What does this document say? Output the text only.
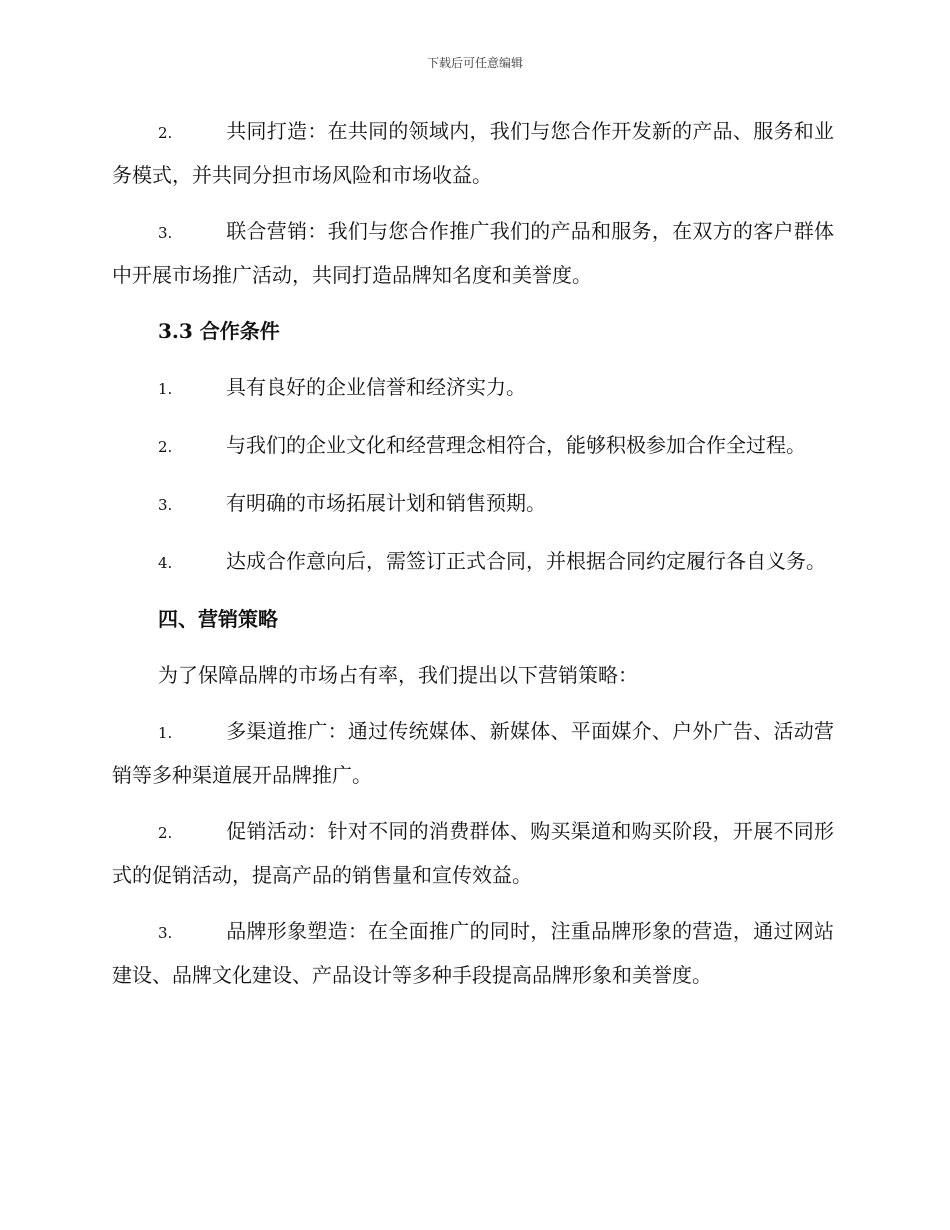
下载后可任意编辑
2.	共同打造：在共同的领域内，我们与您合作开发新的产品、服务和业务模式，并共同分担市场风险和市场收益。
3.	联合营销：我们与您合作推广我们的产品和服务，在双方的客户群体中开展市场推广活动，共同打造品牌知名度和美誉度。
3.3 合作条件
1.	具有良好的企业信誉和经济实力。
2.	与我们的企业文化和经营理念相符合，能够积极参加合作全过程。
3.	有明确的市场拓展计划和销售预期。
4.	达成合作意向后，需签订正式合同，并根据合同约定履行各自义务。
四、营销策略
为了保障品牌的市场占有率，我们提出以下营销策略：
1.	多渠道推广：通过传统媒体、新媒体、平面媒介、户外广告、活动营销等多种渠道展开品牌推广。
2.	促销活动：针对不同的消费群体、购买渠道和购买阶段，开展不同形式的促销活动，提高产品的销售量和宣传效益。
3.	品牌形象塑造：在全面推广的同时，注重品牌形象的营造，通过网站建设、品牌文化建设、产品设计等多种手段提高品牌形象和美誉度。
